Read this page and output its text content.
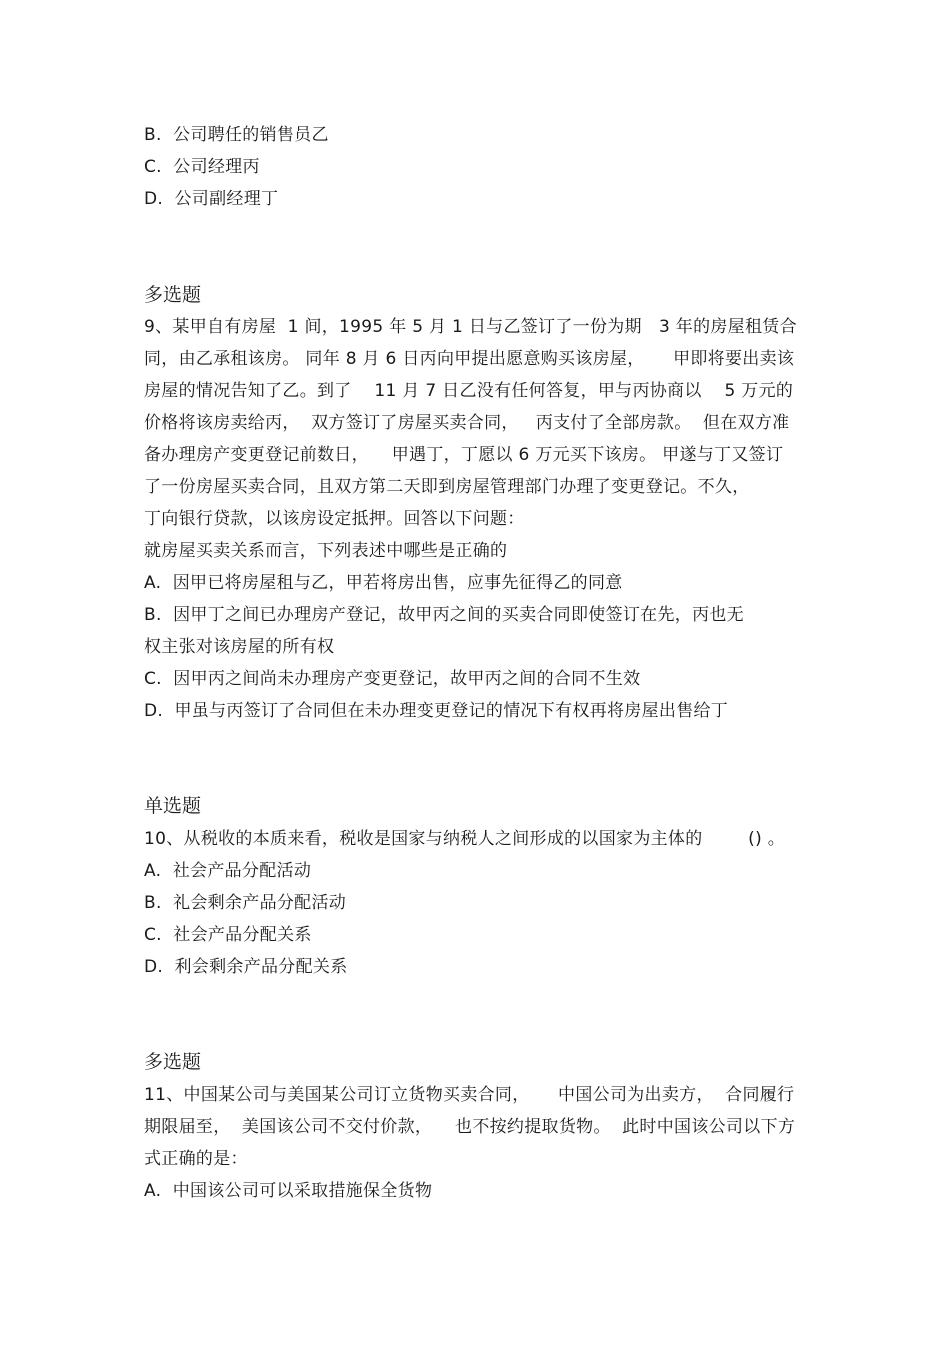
B.  公司聘任的销售员乙
C.  公司经理丙
D.  公司副经理丁
多选题
9、某甲自有房屋  1 间，1995 年 5 月 1 日与乙签订了一份为期   3 年的房屋租赁合
同，由乙承租该房。 同年 8 月 6 日丙向甲提出愿意购买该房屋，     甲即将要出卖该
房屋的情况告知了乙。到了    11 月 7 日乙没有任何答复，甲与丙协商以    5 万元的
价格将该房卖给丙，  双方签订了房屋买卖合同，   丙支付了全部房款。  但在双方准
备办理房产变更登记前数日，    甲遇丁，丁愿以 6 万元买下该房。 甲遂与丁又签订
了一份房屋买卖合同，且双方第二天即到房屋管理部门办理了变更登记。不久，
丁向银行贷款，以该房设定抵押。回答以下问题：
就房屋买卖关系而言，下列表述中哪些是正确的
A.  因甲已将房屋租与乙，甲若将房出售，应事先征得乙的同意
B.  因甲丁之间已办理房产登记，故甲丙之间的买卖合同即使签订在先，丙也无
权主张对该房屋的所有权
C.  因甲丙之间尚未办理房产变更登记，故甲丙之间的合同不生效
D.  甲虽与丙签订了合同但在未办理变更登记的情况下有权再将房屋出售给丁
单选题
10、从税收的本质来看，税收是国家与纳税人之间形成的以国家为主体的        () 。
A.  社会产品分配活动
B.  礼会剩余产品分配活动
C.  社会产品分配关系
D.  利会剩余产品分配关系
多选题
11、中国某公司与美国某公司订立货物买卖合同，     中国公司为出卖方，  合同履行
期限届至，  美国该公司不交付价款，    也不按约提取货物。  此时中国该公司以下方
式正确的是：
A.  中国该公司可以采取措施保全货物
